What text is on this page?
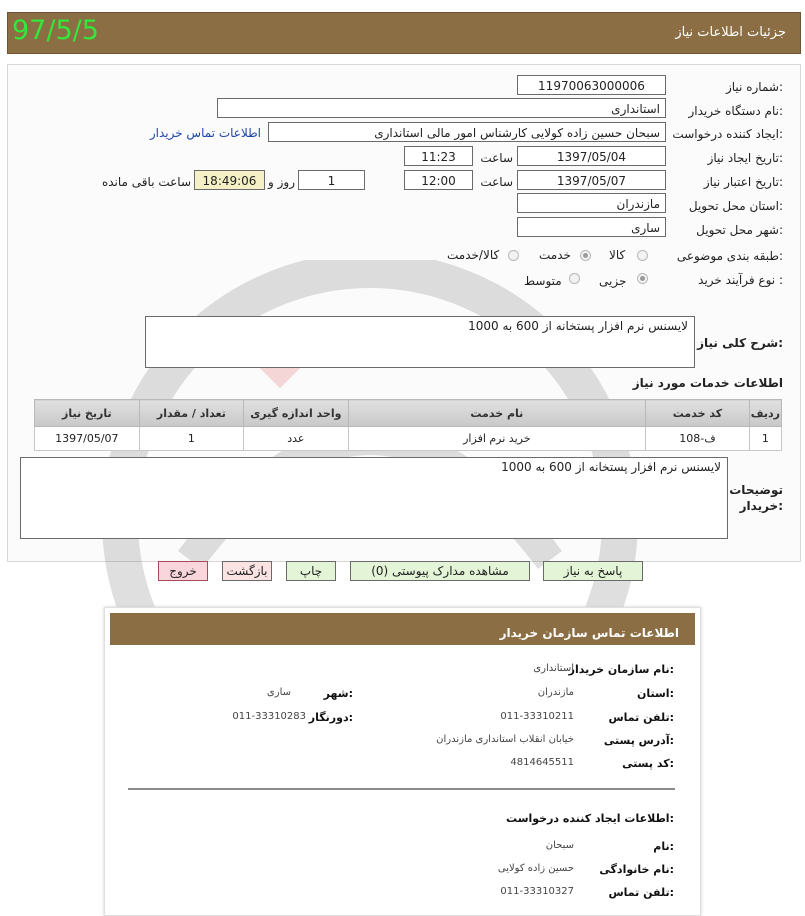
97/5/5	جزئیات اطلاعات نیاز
شماره نیاز:
11970063000006
نام دستگاه خریدار:
استانداری
ایجاد کننده درخواست:
سبحان حسین زاده کولایی کارشناس امور مالی استانداری
اطلاعات تماس خریدار
تاریخ ایجاد نیاز:
1397/05/04
ساعت
11:23
تاریخ اعتبار نیاز:
1397/05/07
ساعت
12:00
1
روز و
18:49:06
ساعت باقی مانده
استان محل تحویل:
مازندران
شهر محل تحویل:
ساری
طبقه بندی موضوعی:
کالا
خدمت
کالا/خدمت
نوع فرآیند خرید :
جزیی
متوسط
شرح کلی نیاز:
لایسنس نرم افزار پستخانه از 600 به 1000
اطلاعات خدمات مورد نیاز
ردیف	کد خدمت	نام خدمت	واحد اندازه گیری	تعداد / مقدار	تاریخ نیاز
1	ف-108	خرید نرم افزار	عدد	1	1397/05/07
توضیحات خریدار:
لایسنس نرم افزار پستخانه از 600 به 1000
پاسخ به نیاز
مشاهده مدارک پیوستی (0)
چاپ
بازگشت
خروج
اطلاعات تماس سازمان خریدار
نام سازمان خریدار:
استانداری
استان:
مازندران
شهر:
ساری
تلفن تماس:
011-33310211
دورنگار:
011-33310283
آدرس پستی:
خیابان انقلاب استانداری مازندران
کد پستی:
4814645511
اطلاعات ایجاد کننده درخواست:
نام:
سبحان
نام خانوادگی:
حسین زاده کولایی
تلفن تماس:
011-33310327
